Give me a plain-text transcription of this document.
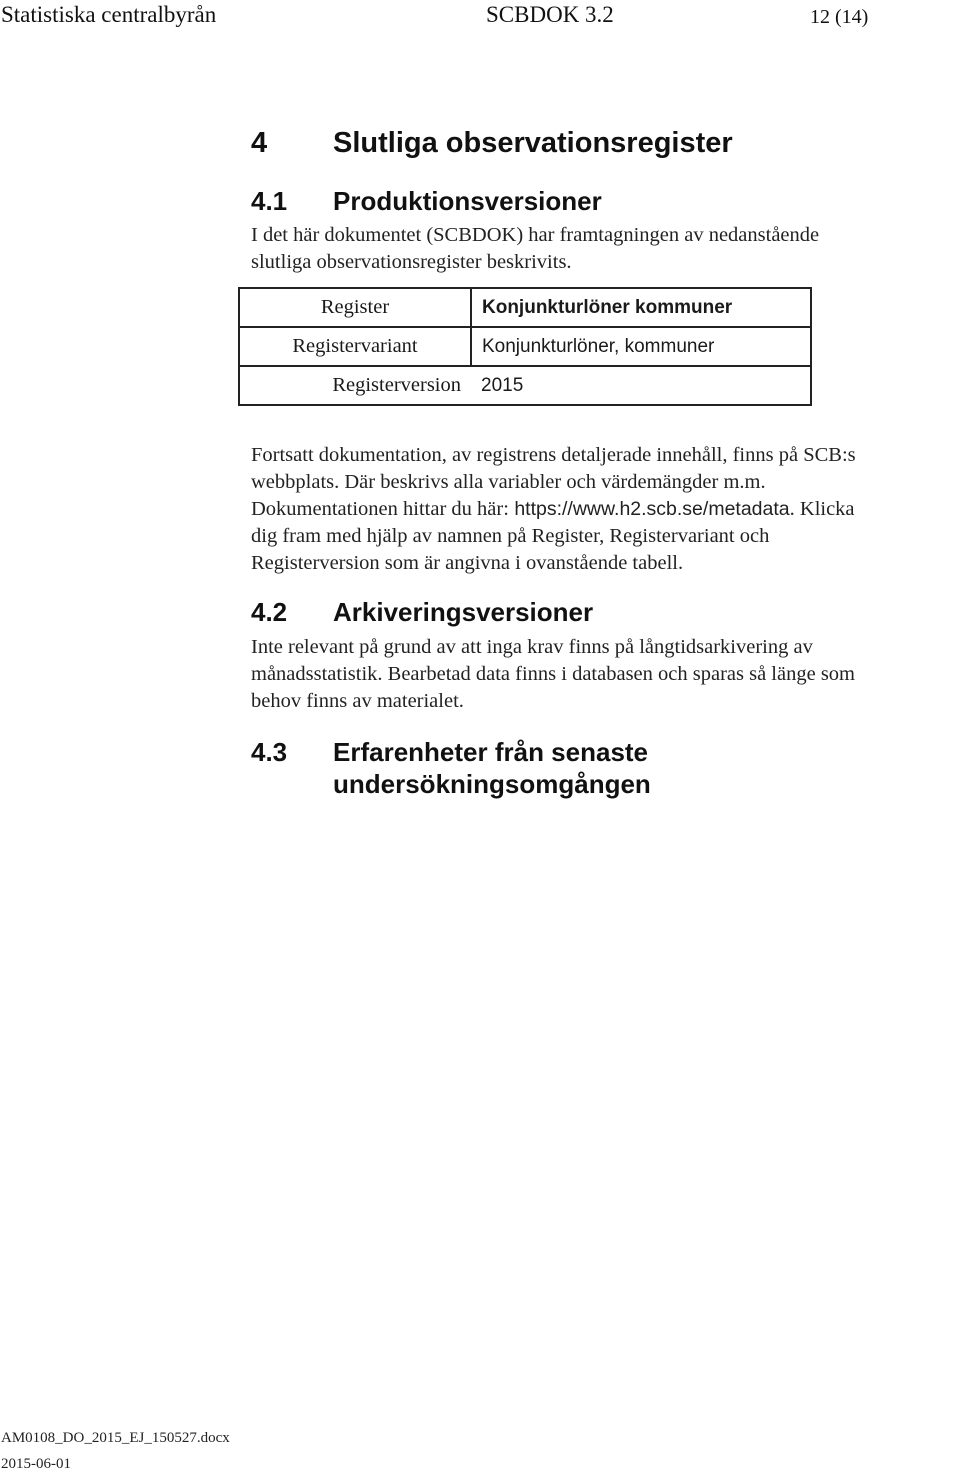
Statistiska centralbyrån	SCBDOK 3.2	12 (14)
4 Slutliga observationsregister
4.1 Produktionsversioner

I det här dokumentet (SCBDOK) har framtagningen av nedanstående

slutliga observationsregister beskrivits.

Register	Konjunkturlöner kommuner
Registervariant	Konjunkturlöner, kommuner
Registerversion	2015

Fortsatt dokumentation, av registrens detaljerade innehåll, finns på SCB:s

webbplats. Där beskrivs alla variabler och värdemängder m.m.

Dokumentationen hittar du här: https://www.h2.scb.se/metadata. Klicka

dig fram med hjälp av namnen på Register, Registervariant och

Registerversion som är angivna i ovanstående tabell.

4.2 Arkiveringsversioner

Inte relevant på grund av att inga krav finns på långtidsarkivering av

månadsstatistik. Bearbetad data finns i databasen och sparas så länge som

behov finns av materialet.

4.3 Erfarenheter från senaste
undersökningsomgången
AM0108_DO_2015_EJ_150527.docx
2015-06-01
